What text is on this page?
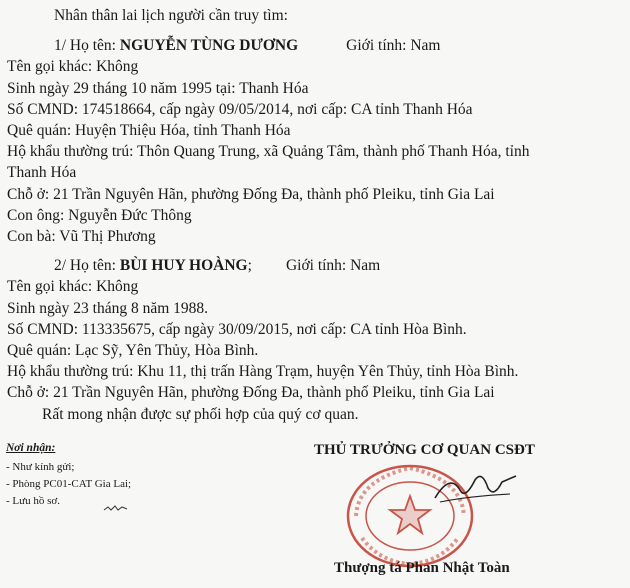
Nhân thân lai lịch người cần truy tìm:
1/ Họ tên: NGUYỄN TÙNG DƯƠNG	Giới tính: Nam
Tên gọi khác: Không
Sinh ngày 29 tháng 10 năm 1995 tại: Thanh Hóa
Số CMND: 174518664, cấp ngày 09/05/2014, nơi cấp: CA tỉnh Thanh Hóa
Quê quán: Huyện Thiệu Hóa, tỉnh Thanh Hóa
Hộ khẩu thường trú: Thôn Quang Trung, xã Quảng Tâm, thành phố Thanh Hóa, tỉnh
Thanh Hóa
Chỗ ở: 21 Trần Nguyên Hãn, phường Đống Đa, thành phố Pleiku, tỉnh Gia Lai
Con ông: Nguyễn Đức Thông
Con bà: Vũ Thị Phương
2/ Họ tên: BÙI HUY HOÀNG; Giới tính: Nam
Tên gọi khác: Không
Sinh ngày 23 tháng 8 năm 1988.
Số CMND: 113335675, cấp ngày 30/09/2015, nơi cấp: CA tỉnh Hòa Bình.
Quê quán: Lạc Sỹ, Yên Thủy, Hòa Bình.
Hộ khẩu thường trú: Khu 11, thị trấn Hàng Trạm, huyện Yên Thủy, tỉnh Hòa Bình.
Chỗ ở: 21 Trần Nguyên Hãn, phường Đống Đa, thành phố Pleiku, tỉnh Gia Lai
Rất mong nhận được sự phối hợp của quý cơ quan.
Nơi nhận:
- Như kính gửi;
- Phòng PC01-CAT Gia Lai;
- Lưu hồ sơ.
THỦ TRƯỞNG CƠ QUAN CSĐT
Thượng tá Phan Nhật Toàn
